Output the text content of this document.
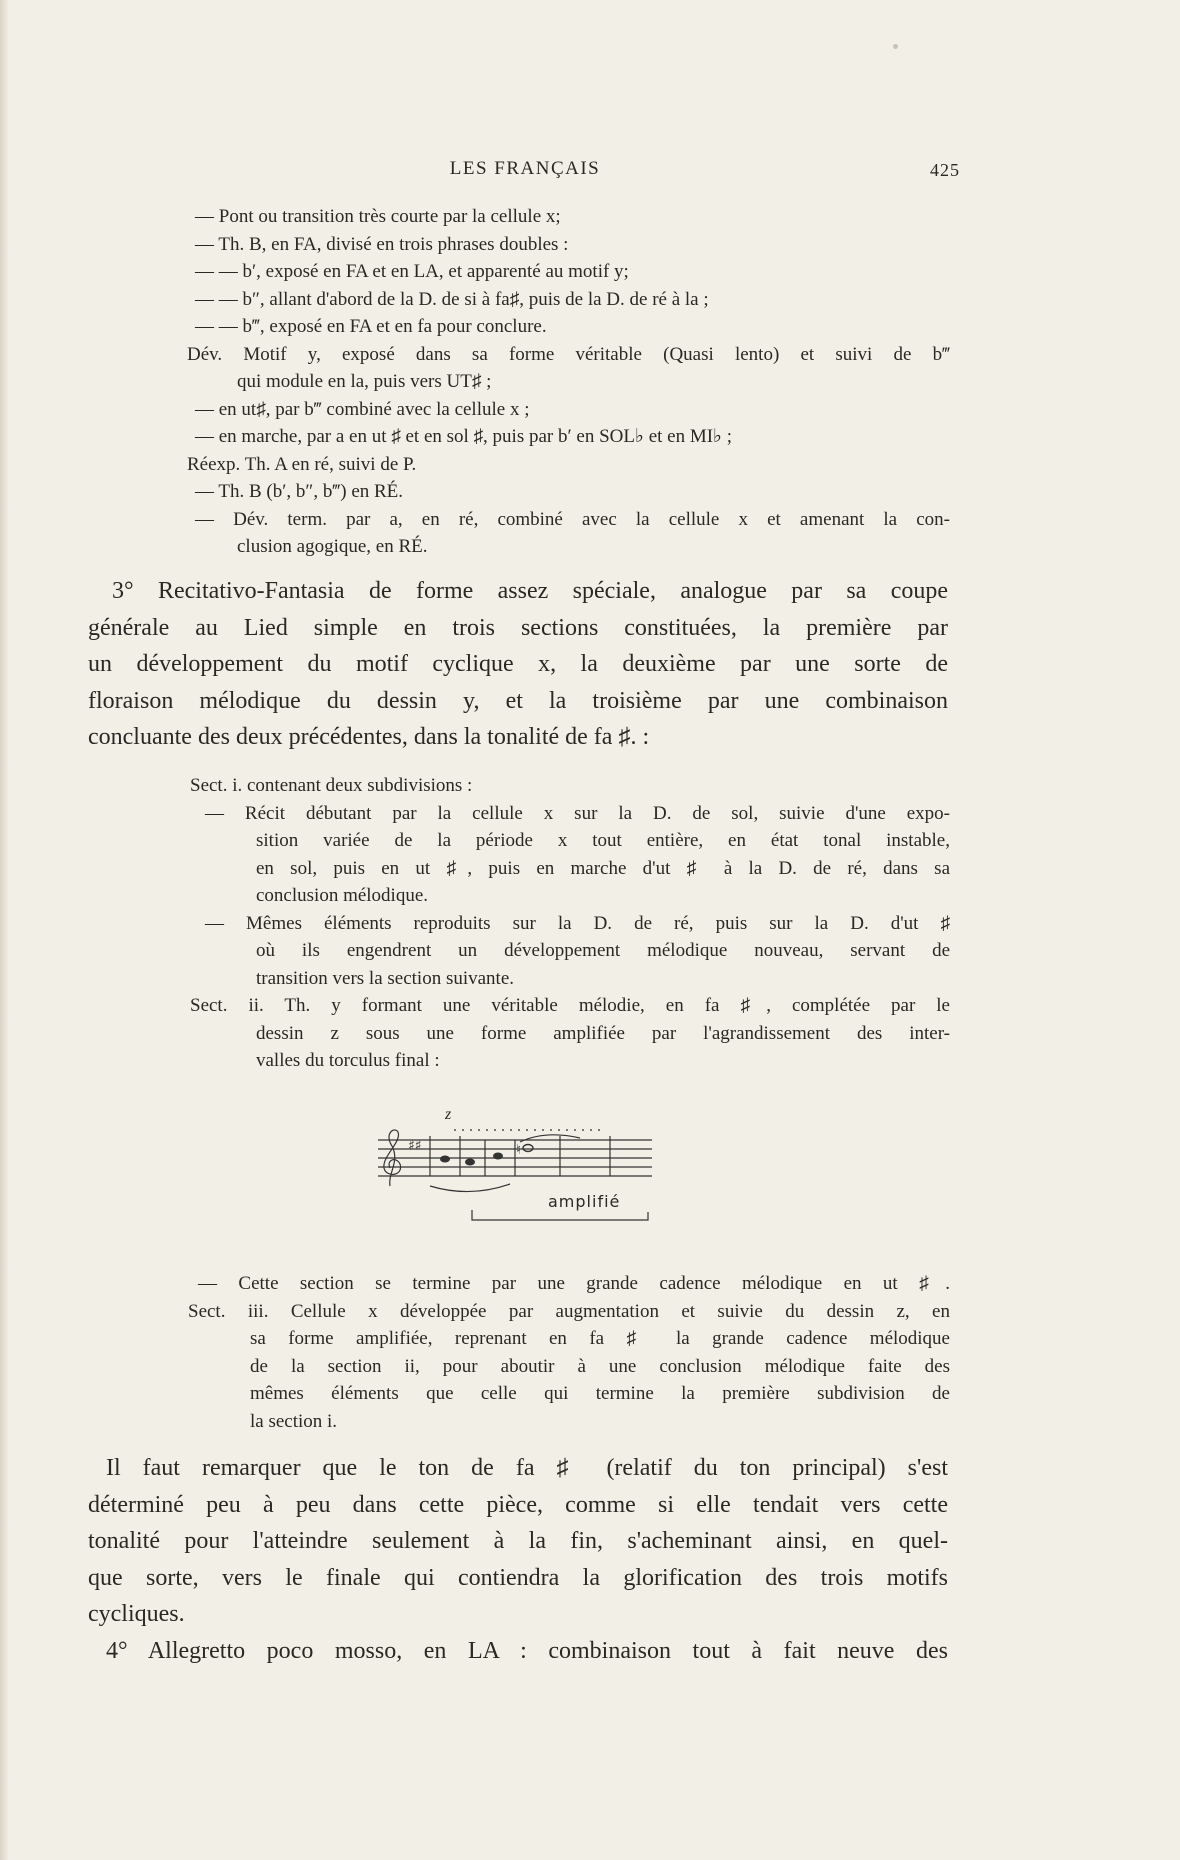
LES FRANÇAIS	425
— Pont ou transition très courte par la cellule x;
— Th. B, en FA, divisé en trois phrases doubles :
— — b′, exposé en FA et en LA, et apparenté au motif y;
— — b″, allant d'abord de la D. de si à fa♯, puis de la D. de ré à la ;
— — b‴, exposé en FA et en fa pour conclure.
Dév. Motif y, exposé dans sa forme véritable (Quasi lento) et suivi de b‴
qui module en la, puis vers UT♯ ;
— en ut♯, par b‴ combiné avec la cellule x ;
— en marche, par a en ut ♯ et en sol ♯, puis par b′ en SOL♭ et en MI♭ ;
Réexp. Th. A en ré, suivi de P.
— Th. B (b′, b″, b‴) en RÉ.
— Dév. term. par a, en ré, combiné avec la cellule x et amenant la con-
clusion agogique, en RÉ.
3° Recitativo-Fantasia de forme assez spéciale, analogue par sa coupe
générale au Lied simple en trois sections constituées, la première par
un développement du motif cyclique x, la deuxième par une sorte de
floraison mélodique du dessin y, et la troisième par une combinaison
concluante des deux précédentes, dans la tonalité de fa ♯. :
Sect. i. contenant deux subdivisions :
— Récit débutant par la cellule x sur la D. de sol, suivie d'une expo-
sition variée de la période x tout entière, en état tonal instable,
en sol, puis en ut ♯, puis en marche d'ut ♯ à la D. de ré, dans sa
conclusion mélodique.
— Mêmes éléments reproduits sur la D. de ré, puis sur la D. d'ut ♯
où ils engendrent un développement mélodique nouveau, servant de
transition vers la section suivante.
Sect. ii. Th. y formant une véritable mélodie, en fa ♯, complétée par le
dessin z sous une forme amplifiée par l'agrandissement des inter-
valles du torculus final :
♯♯	♮
z
amplifié
— Cette section se termine par une grande cadence mélodique en ut ♯.
Sect. iii. Cellule x développée par augmentation et suivie du dessin z, en
sa forme amplifiée, reprenant en fa ♯ la grande cadence mélodique
de la section ii, pour aboutir à une conclusion mélodique faite des
mêmes éléments que celle qui termine la première subdivision de
la section i.
Il faut remarquer que le ton de fa ♯ (relatif du ton principal) s'est
déterminé peu à peu dans cette pièce, comme si elle tendait vers cette
tonalité pour l'atteindre seulement à la fin, s'acheminant ainsi, en quel-
que sorte, vers le finale qui contiendra la glorification des trois motifs
cycliques.
4° Allegretto poco mosso, en LA : combinaison tout à fait neuve des
